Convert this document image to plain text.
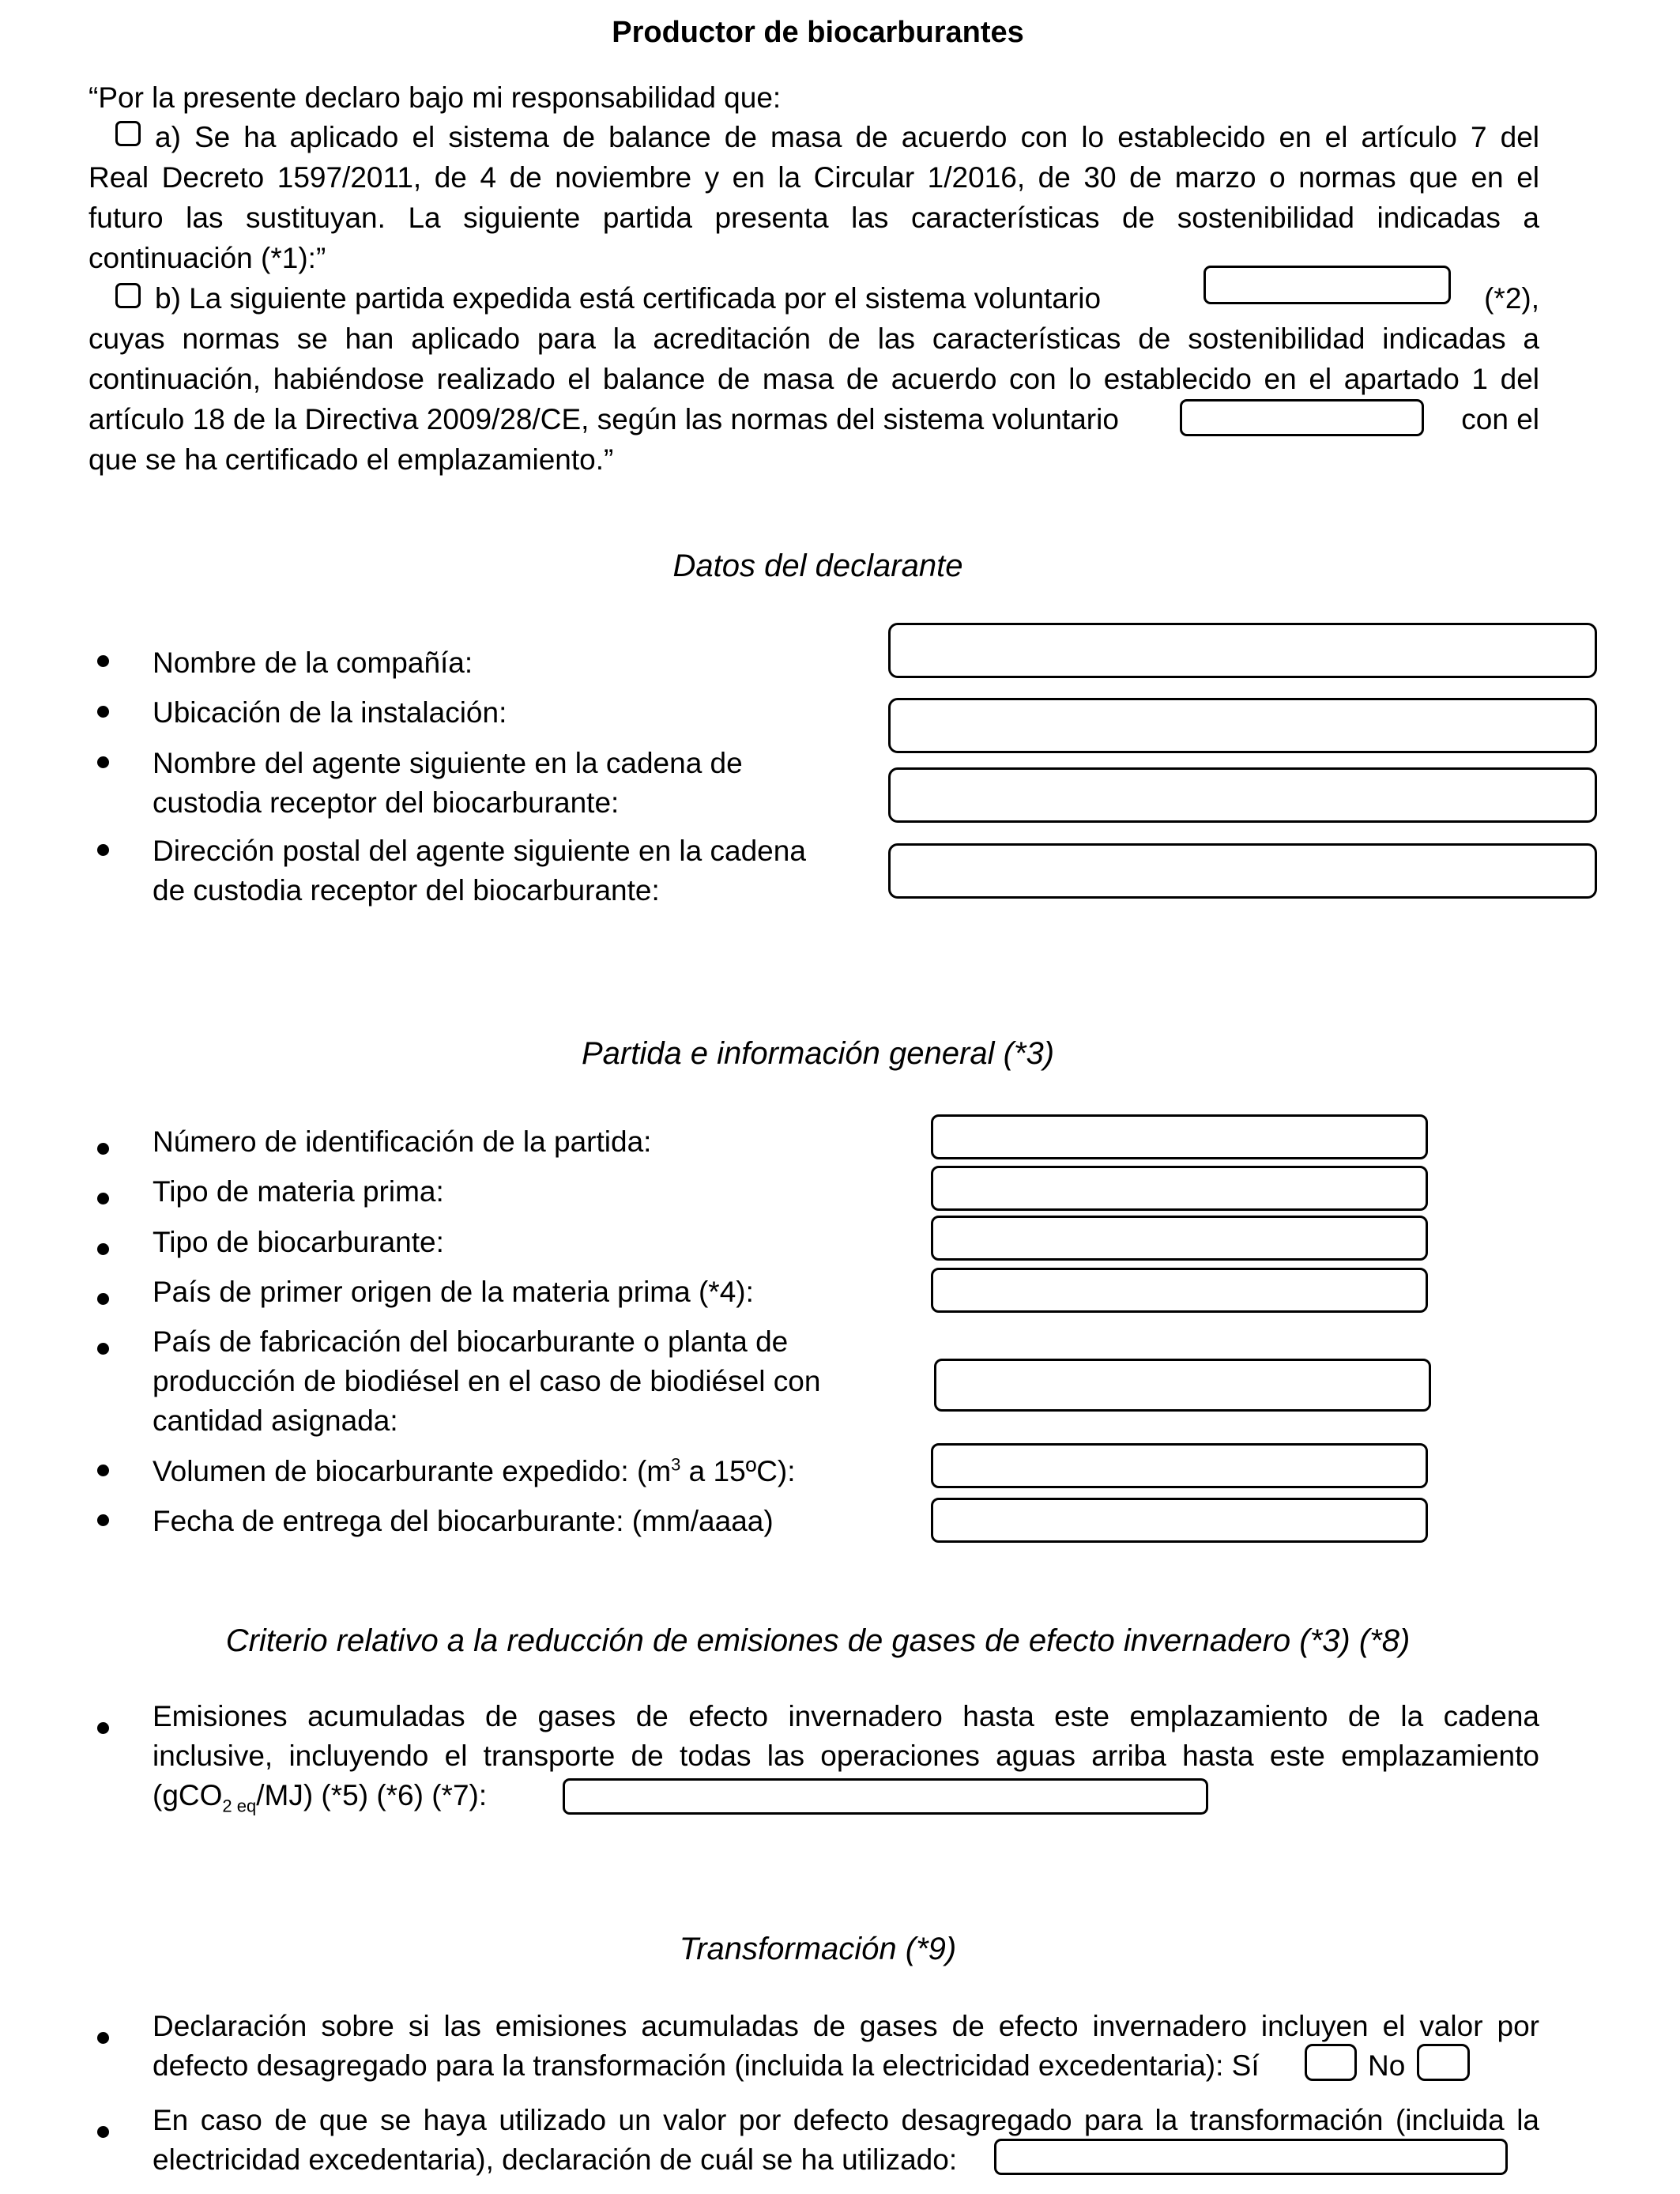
Productor de biocarburantes
“Por la presente declaro bajo mi responsabilidad que:
a) Se ha aplicado el sistema de balance de masa de acuerdo con lo establecido en el artículo 7 del
Real Decreto 1597/2011, de 4 de noviembre y en la Circular 1/2016, de 30 de marzo o normas que en el
futuro las sustituyan. La siguiente partida presenta las características de sostenibilidad indicadas a
continuación (*1):”
b) La siguiente partida expedida está certificada por el sistema voluntario	(*2),
cuyas normas se han aplicado para la acreditación de las características de sostenibilidad indicadas a
continuación, habiéndose realizado el balance de masa de acuerdo con lo establecido en el apartado 1 del
artículo 18 de la Directiva 2009/28/CE, según las normas del sistema voluntario	con el
que se ha certificado el emplazamiento.”
Datos del declarante
Nombre de la compañía:
Ubicación de la instalación:
Nombre del agente siguiente en la cadena de
custodia receptor del biocarburante:
Dirección postal del agente siguiente en la cadena
de custodia receptor del biocarburante:
Partida e información general (*3)
Número de identificación de la partida:
Tipo de materia prima:
Tipo de biocarburante:
País de primer origen de la materia prima (*4):
País de fabricación del biocarburante o planta de
producción de biodiésel en el caso de biodiésel con
cantidad asignada:
Volumen de biocarburante expedido: ($m^3$ a 15ºC):
Fecha de entrega del biocarburante: (mm/aaaa)
Criterio relativo a la reducción de emisiones de gases de efecto invernadero (*3) (*8)
Emisiones acumuladas de gases de efecto invernadero hasta este emplazamiento de la cadena
inclusive, incluyendo el transporte de todas las operaciones aguas arriba hasta este emplazamiento
(gCO$_{2 eq}$/MJ) (*5) (*6) (*7):
Transformación (*9)
Declaración sobre si las emisiones acumuladas de gases de efecto invernadero incluyen el valor por
defecto desagregado para la transformación (incluida la electricidad excedentaria): Sí	No
En caso de que se haya utilizado un valor por defecto desagregado para la transformación (incluida la
electricidad excedentaria), declaración de cuál se ha utilizado:
